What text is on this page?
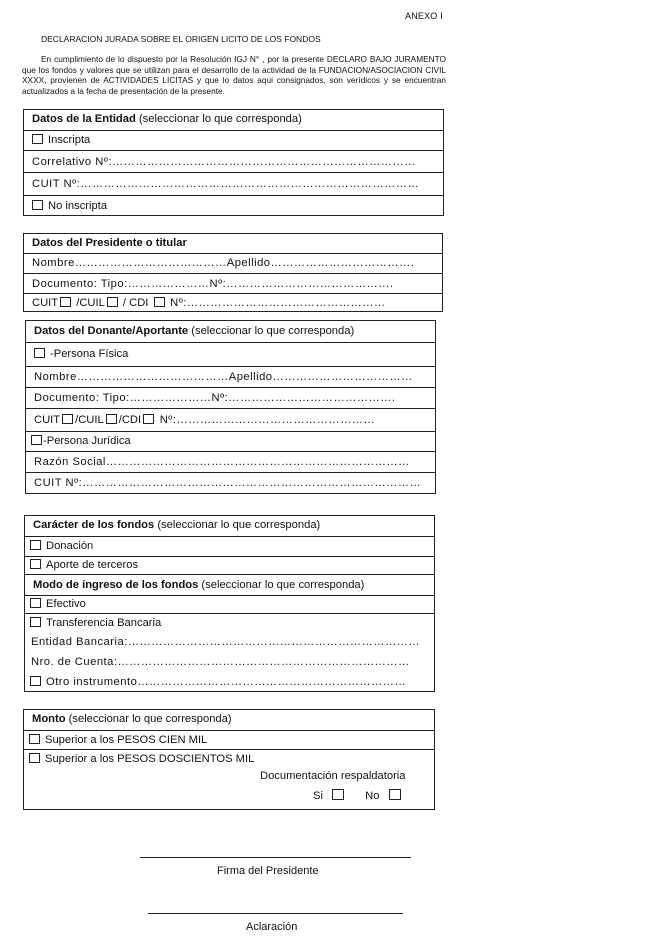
ANEXO I
DECLARACION JURADA SOBRE EL ORIGEN LICITO DE LOS FONDOS
En cumplimiento de lo dispuesto por la Resolución IGJ N° , por la presente DECLARO BAJO JURAMENTO que los fondos y valores que se utilizan para el desarrollo de la actividad de la FUNDACION/ASOCIACION CIVIL XXXX, provienen de ACTIVIDADES LICITAS y que lo datos aqui consignados, son verídicos y se encuentran actualizados a la fecha de presentación de la presente.
Datos de la Entidad (seleccionar lo que corresponda)
Inscripta
Correlativo Nº:……………………………………………………………………
CUIT Nº:……………………………………………………………………………
No inscripta
Datos del Presidente o titular
Nombre…………………………………Apellido……………………………….
Documento: Tipo:…………………Nº:…………………………………….
CUIT /CUIL / CDI  Nº:……………………………………………
Datos del Donante/Aportante (seleccionar lo que corresponda)
-Persona Física
Nombre…………………………………Apellido………………………………
Documento: Tipo:…………………Nº:…………………………………….
CUIT /CUIL /CDI Nº:……………………………………………
-Persona Jurídica
Razón Social……………………………………………………………………
CUIT Nº:……………………………………………………………………………
Carácter de los fondos (seleccionar lo que corresponda)
Donación
Aporte de terceros
Modo de ingreso de los fondos (seleccionar lo que corresponda)
Efectivo
Transferencia Bancaria
Entidad Bancaria:…………………………………………………………………
Nro. de Cuenta:…………………………………………………………………
Otro instrumento……………………………………………………………
Monto (seleccionar lo que corresponda)
Superior a los PESOS CIEN MIL
Superior a los PESOS DOSCIENTOS MIL
Documentación respaldatoria
Si	No
Firma del Presidente
Aclaración
